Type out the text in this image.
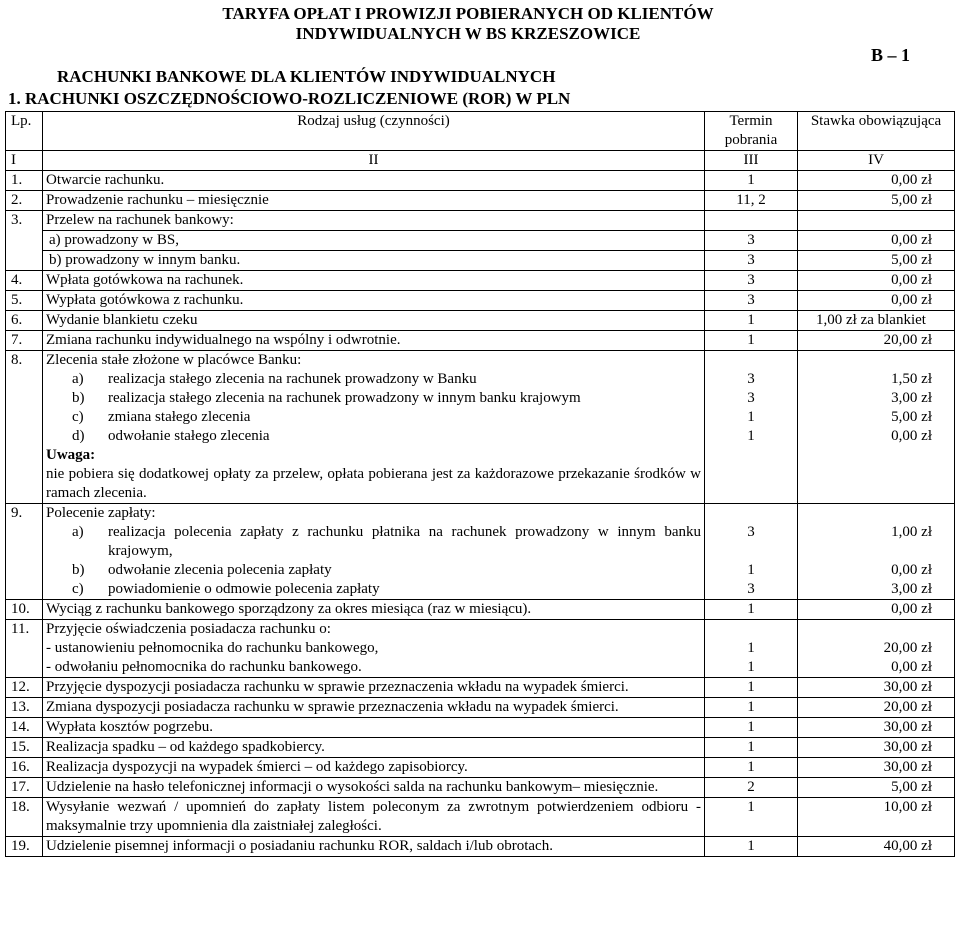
TARYFA OPŁAT I PROWIZJI POBIERANYCH OD KLIENTÓW
INDYWIDUALNYCH W BS KRZESZOWICE
B – 1
RACHUNKI BANKOWE DLA KLIENTÓW INDYWIDUALNYCH
1. RACHUNKI OSZCZĘDNOŚCIOWO-ROZLICZENIOWE (ROR) W PLN
Lp.	Rodzaj usług (czynności)	Termin pobrania	Stawka obowiązująca
I	II	III	IV
1.	Otwarcie rachunku.	1	0,00 zł
2.	Prowadzenie rachunku – miesięcznie	11, 2	5,00 zł
3.	Przelew na rachunek bankowy:		
	a) prowadzony w BS,	3	0,00 zł
	b) prowadzony w innym banku.	3	5,00 zł
4.	Wpłata gotówkowa na rachunek.	3	0,00 zł
5.	Wypłata gotówkowa z rachunku.	3	0,00 zł
6.	Wydanie blankietu czeku	1	1,00 zł za blankiet
7.	Zmiana rachunku indywidualnego na wspólny i odwrotnie.	1	20,00 zł
8.	Zlecenia stałe złożone w placówce Banku:		

	a) realizacja stałego zlecenia na rachunek prowadzony w Banku	3	1,50 zł

	b) realizacja stałego zlecenia na rachunek prowadzony w innym banku krajowym	3	3,00 zł

	c) zmiana stałego zlecenia	1	5,00 zł

	d) odwołanie stałego zlecenia	1	0,00 zł
	Uwaga:		
	nie pobiera się dodatkowej opłaty za przelew, opłata pobierana jest za każdorazowe przekazanie środków w ramach zlecenia.		
9.	Polecenie zapłaty:		

	a) realizacja polecenia zapłaty z rachunku płatnika na rachunek prowadzony w innym banku krajowym,	3	1,00 zł

	b) odwołanie zlecenia polecenia zapłaty	1	0,00 zł

	c) powiadomienie o odmowie polecenia zapłaty	3	3,00 zł
10.	Wyciąg z rachunku bankowego sporządzony za okres miesiąca (raz w miesiącu).	1	0,00 zł
11.	Przyjęcie oświadczenia posiadacza rachunku o:		
	- ustanowieniu pełnomocnika do rachunku bankowego,	1	20,00 zł
	- odwołaniu pełnomocnika do rachunku bankowego.	1	0,00 zł
12.	Przyjęcie dyspozycji posiadacza rachunku w sprawie przeznaczenia wkładu na wypadek śmierci.	1	30,00 zł
13.	Zmiana dyspozycji posiadacza rachunku w sprawie przeznaczenia wkładu na wypadek śmierci.	1	20,00 zł
14.	Wypłata kosztów pogrzebu.	1	30,00 zł
15.	Realizacja spadku – od każdego spadkobiercy.	1	30,00 zł
16.	Realizacja dyspozycji na wypadek śmierci – od każdego zapisobiorcy.	1	30,00 zł
17.	Udzielenie na hasło telefonicznej informacji o wysokości salda na rachunku bankowym– miesięcznie.	2	5,00 zł
18.	Wysyłanie wezwań / upomnień do zapłaty listem poleconym za zwrotnym potwierdzeniem odbioru - maksymalnie trzy upomnienia dla zaistniałej zaległości.	1	10,00 zł
19.	Udzielenie pisemnej informacji o posiadaniu rachunku ROR, saldach i/lub obrotach.	1	40,00 zł
